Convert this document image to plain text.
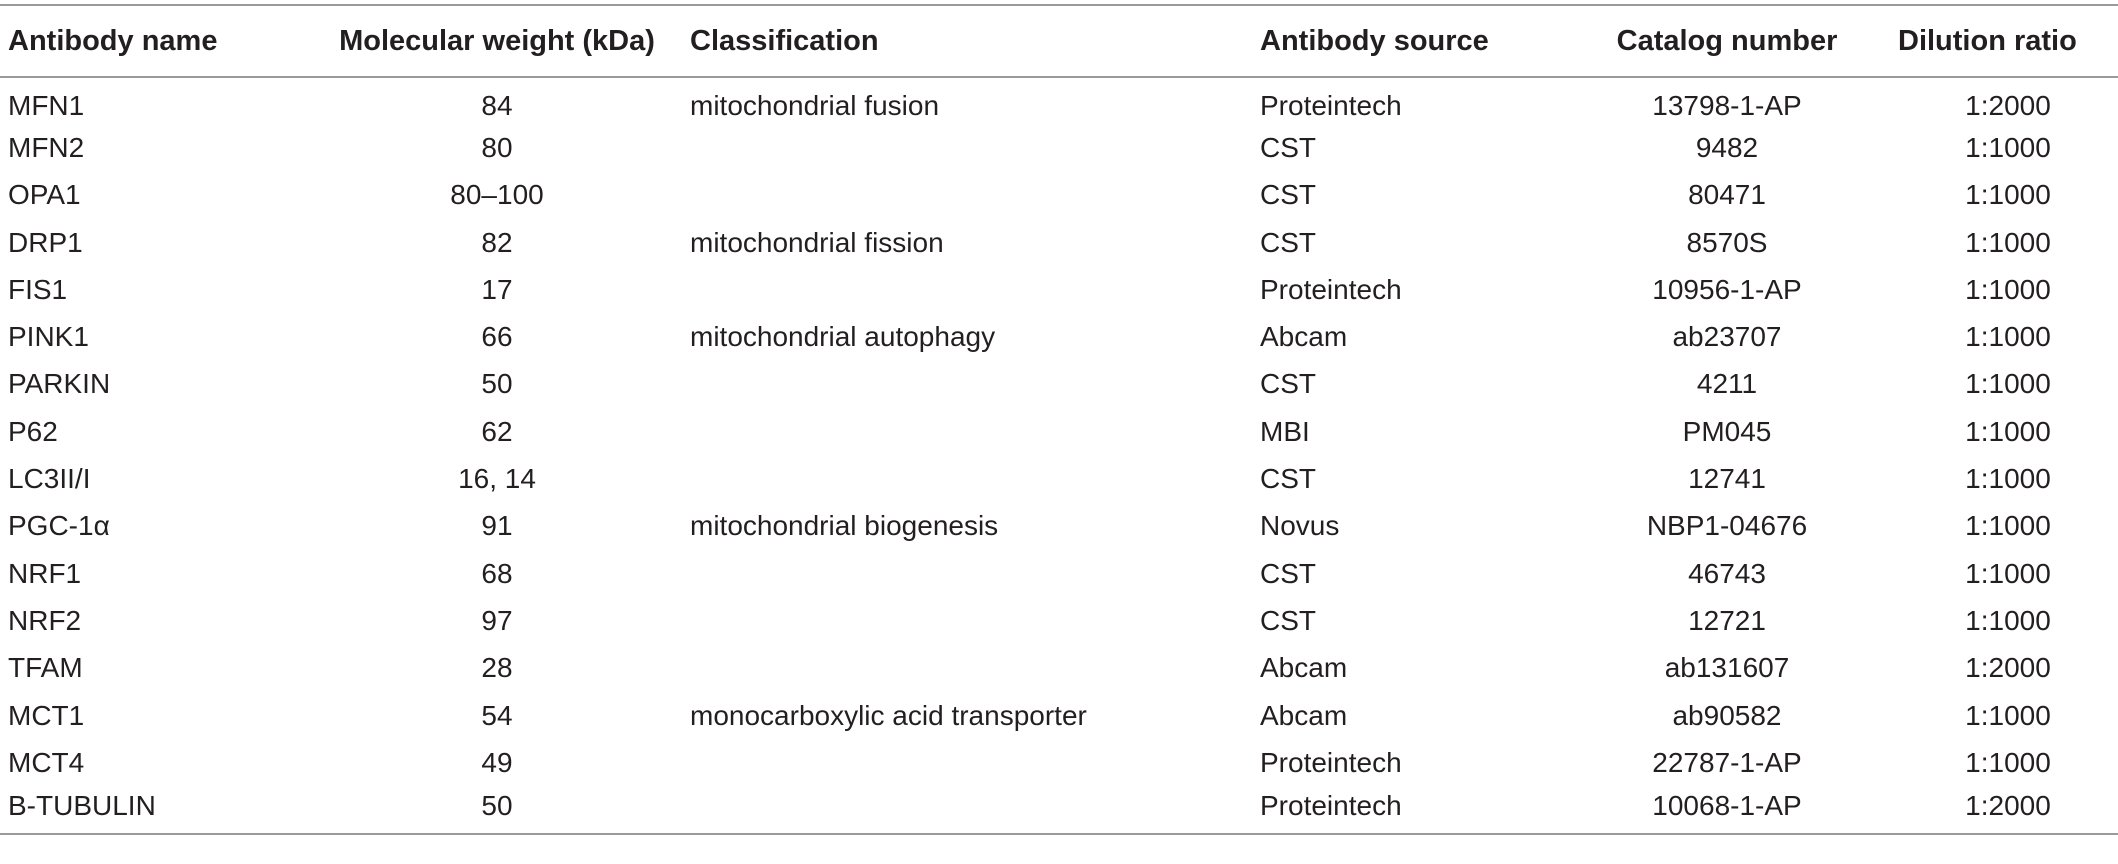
Antibody name	Molecular weight (kDa)	Classification	Antibody source	Catalog number	Dilution ratio
MFN1	84	mitochondrial fusion	Proteintech	13798-1-AP	1:2000
MFN2	80		CST	9482	1:1000
OPA1	80–100		CST	80471	1:1000
DRP1	82	mitochondrial fission	CST	8570S	1:1000
FIS1	17		Proteintech	10956-1-AP	1:1000
PINK1	66	mitochondrial autophagy	Abcam	ab23707	1:1000
PARKIN	50		CST	4211	1:1000
P62	62		MBI	PM045	1:1000
LC3II/I	16, 14		CST	12741	1:1000
PGC-1α	91	mitochondrial biogenesis	Novus	NBP1-04676	1:1000
NRF1	68		CST	46743	1:1000
NRF2	97		CST	12721	1:1000
TFAM	28		Abcam	ab131607	1:2000
MCT1	54	monocarboxylic acid transporter	Abcam	ab90582	1:1000
MCT4	49		Proteintech	22787-1-AP	1:1000
B-TUBULIN	50		Proteintech	10068-1-AP	1:2000
